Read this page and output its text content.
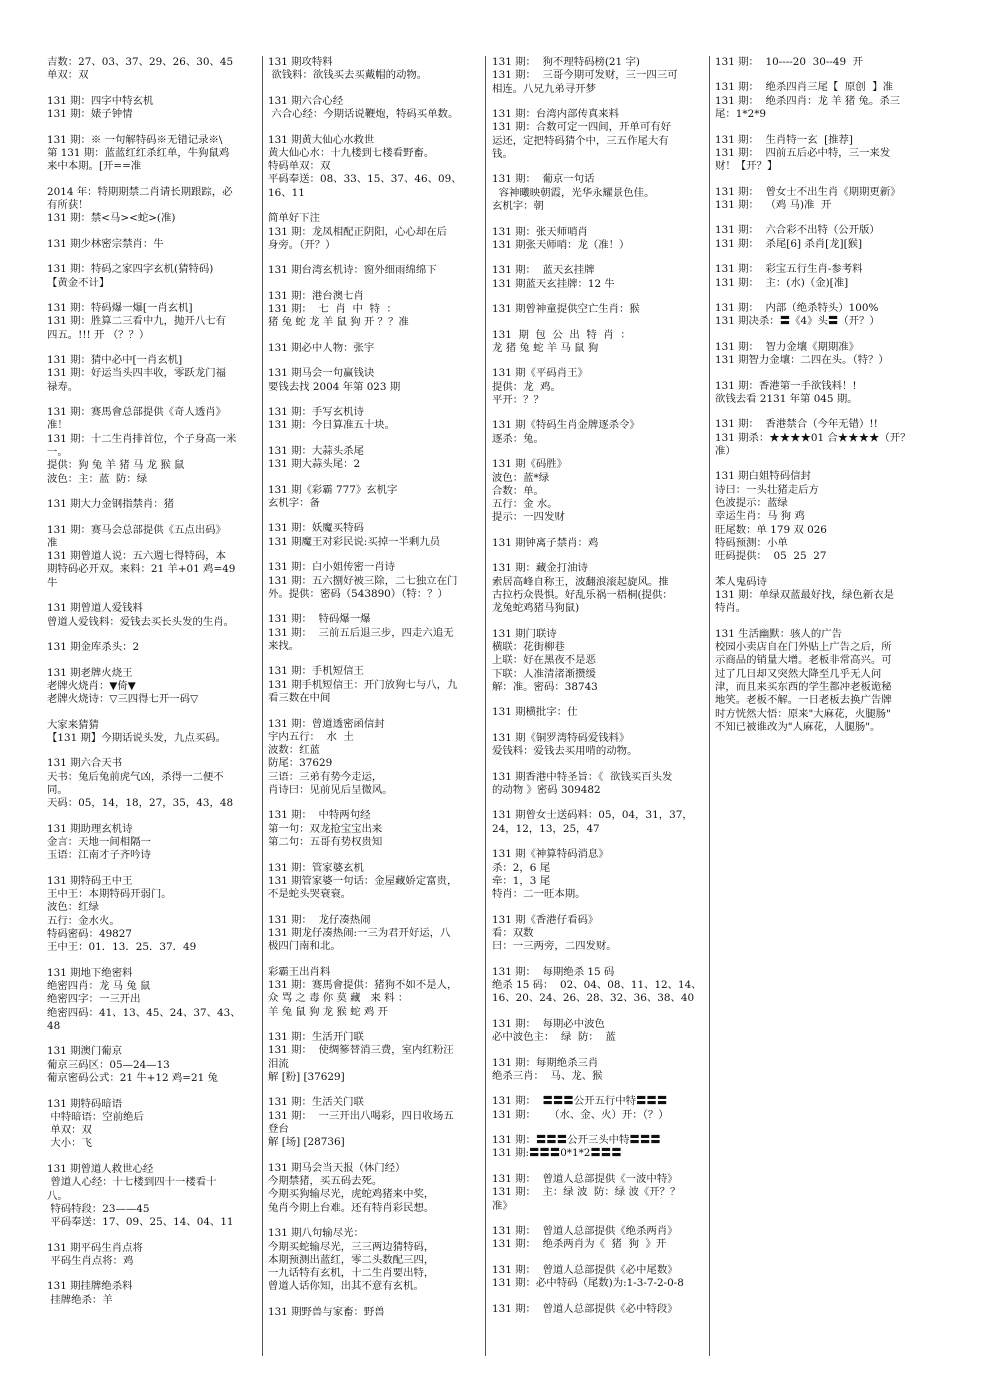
吉数：27、03、37、29、26、30、45
单双：双
131 期：四字中特玄机
131 期：婊子钟情
131 期：※ 一句解特码※无错记录※\
第 131 期：蓝蓝红红杀红单，牛狗鼠鸡
来中本期。[开==准
2014 年：特期期禁二肖请长期跟踪，必
有所获！
131 期：禁<马><蛇>(准)
131 期少林密宗禁肖：牛
131 期：特码之家四字玄机(猜特码)
【黄金不计】
131 期：特码爆一爆[一肖玄机]
131 期：胜算二三看中九，抛开八七有
四五。!!! 开 （？？）
131 期：猜中必中[一肖玄机]
131 期：好运当头四丰收，零跃龙门福
禄寿。
131 期：赛馬會总部提供《奇人透肖》
准！
131 期：十二生肖排首位，个子身高一米
一。
提供：狗 兔 羊 猪 马 龙 猴 鼠
波色：主：蓝  防：绿
131 期大力金钢指禁肖：猪
131 期：赛马会总部提供《五点出码》
准
131 期曾道人说：五六週七得特码，本
期特码必开双。来料：21 羊+01 鸡=49
牛
131 期曾道人爱钱料
曾道人爱钱料：爱钱去买长头发的生肖。
131 期金库杀头：2
131 期老牌火烧王
老牌火烧肖：▼倚▼
老牌火烧诗：▽三四得七开一码▽
大家来猜猜
【131 期】今期话说头发，九点买码。
131 期六合天书
天书：兔后兔前虎气凶，杀得一二便不
同。
天码：05，14，18，27，35，43，48
131 期助理玄机诗
金言：天地一间相隔一
玉语：江南才子齐吟诗
131 期特码王中王
王中王：本期特码开弱门。
波色：红绿
五行：金水火。
特码密码：49827
王中王：01．13．25．37．49
131 期地下绝密料
绝密四肖：龙 马 兔 鼠
绝密四字：一三开出
绝密四码：41、13、45、24、37、43、
48
131 期澳门葡京
葡京三码区：05—24—13
葡京密码公式：21 牛+12 鸡=21 兔
131 期特码暗语
中特暗语：空前绝后
单双：双
大小：飞
131 期曾道人救世心经
曾道人心经：十七楼到四十一楼看十
八。
特码特段：23——45
平码奉送：17、09、25、14、04、11
131 期平码生肖点将
平码生肖点将：鸡
131 期挂牌绝杀料
挂牌绝杀：羊
131 期攻特料
欲钱料：欲钱买去买戴帽的动物。
131 期六合心经
六合心经：今期话说鞭炮，特码买单数。
131 期黄大仙心水救世
黄大仙心水：十九楼到七楼看野畜。
特码单双：双
平码奉送：08、33、15、37、46、09、
16、11
简单好下注
131 期：龙凤相配正阴阳，心心却在后
身旁。（开？）
131 期台湾玄机诗：窗外细雨绵绵下
131 期：港台澳七肖
131 期：  七  肖  中  特  ：
猪 兔 蛇 龙 羊 鼠 狗 开 ？？准
131 期必中人物：张宇
131 期马会一句赢钱诀
要钱去找 2004 年第 023 期
131 期：手写玄机诗
131 期：今日算准五十块。
131 期：大蒜头杀尾
131 期大蒜头尾：2
131 期《彩霸 777》玄机字
玄机字：备
131 期：妖魔买特码
131 期魔王对彩民说:买掉一半剩九员
131 期：白小姐传密一肖诗
131 期：五六捌好被三除，二七独立在门
外。提供：密码（543890）（特：？）
131 期：  特码爆一爆
131 期：  三前五后退三步，四走六追无
来找。
131 期：手机短信王
131 期手机短信王：开门放狗七与八，九
看三数在中间
131 期：曾道透密函信封
宇内五行：  水  土
波数：红蓝
防尾：37629
三语：三弟有势今走运，
肖诗曰：见前见后呈微风。
131 期：  中特两句经
第一句：双龙抢宝宝出来
第二句：五哥有势权贵知
131 期：管家婆玄机
131 期管家婆一句话：金屋藏娇定富贵，
不是蛇头哭衰衰。
131 期：  龙仔凑热闹
131 期龙仔凑热闹:一三为君开好运，八
极四门南和北。
彩霸王出肖料
131 期：赛馬會提供：猪狗不如不是人，
众 骂 之 毒 你 莫 藏   来 料 ：
羊 兔 鼠 狗 龙 猴 蛇 鸡 开
131 期：生活开门联
131 期：  使绸篸替消三费，室内红粉汪
泪流
解 [粉] [37629]
131 期：生活关门联
131 期：  一三开出八喝彩，四日收场五
登台
解 [场] [28736]
131 期马会当天报（休门经）
今期禁猪，买五码去死。
今期买狗输尽光，虎蛇鸡猪来中奖，
兔肖今期上台难。还有特肖彩民想。
131 期八句输尽光：
今期买蛇输尽光，三三两边猜特码，
本期预测出蓝红，零二头数配三四，
一九话特有玄机，十二生肖要出特，
曾道人话你知，出其不意有玄机。
131 期野兽与家畜：野兽
131 期：  狗不理特码榜(21 字)
131 期：  三哥今期可发财，三一四三可
相连。八兄九弟寻开梦
131 期：台湾内部传真来料
131 期：合数可定一四间，开单可有好
运还，定把特码猜个中，三五作尾大有
钱。
131 期：  葡京一句话
容神曦映朝霞，光华永耀景色佳。
玄机字：朝
131 期：张天师哨肖
131 期张天师哨：龙（准！）
131 期：  蓝天玄挂牌
131 期蓝天玄挂牌：12 牛
131 期曾神童提供空亡生肖：猴
131  期  包  公  出  特  肖  ：
龙 猪 兔 蛇 羊 马 鼠 狗
131 期《平码肖王》
提供：龙  鸡。
平开：？？
131 期《特码生肖金牌逐杀令》
逐杀：兔。
131 期《码胜》
波色：蓝*绿
合数：单。
五行：金 水。
提示：一四发财
131 期钟离子禁肖：鸡
131 期：藏金打油诗
索居高峰自称王，波翻浪滚起旋风。推
古拉朽众畏惧。好乱乐祸一梧桐(提供：
龙兔蛇鸡猪马狗鼠)
131 期门联诗
横联：花街柳巷
上联：好在黑夜不是恶
下联：人准清渚渐攒缓
解：准。密码：38743
131 期横批字：仕
131 期《铜罗湾特码爱钱料》
爱钱料：爱钱去买用啃的动物。
131 期香港中特圣旨：《  欲钱买百头发
的动物 》密码 309482
131 期曾女士送码料：05，04，31，37，
24，12，13，25，47
131 期《神算特码消息》
杀：2，6 尾
牵：1，3 尾
特肖：二一旺本期。
131 期《香港仔看码》
看：双数
曰：一三两旁，二四发财。
131 期：  每期绝杀 15 码
绝杀 15 码：  02、04、08、11、12、14、
16、20、24、26、28、32、36、38、40
131 期：  每期必中波色
必中波色主：  绿  防：  蓝
131 期：每期绝杀三肖
绝杀三肖：  马、龙、猴
131 期：  〓〓〓公开五行中特〓〓〓
131 期：    （水、金、火）开：（？）
131 期：〓〓〓公开三头中特〓〓〓
131 期:〓〓〓0*1*2〓〓〓
131 期：  曾道人总部提供《一波中特》
131 期：  主：绿 波  防：绿 波《开？？
准》
131 期：  曾道人总部提供《绝杀两肖》
131 期：  绝杀两肖为《  猪  狗  》开
131 期：  曾道人总部提供《必中尾数》
131 期：必中特码（尾数)为:1-3-7-2-0-8
131 期：  曾道人总部提供《必中特段》
131 期：  10----20  30--49  开
131 期：  绝杀四肖三尾【  原创  】准
131 期：  绝杀四肖：龙 羊 猪 兔。杀三
尾：1*2*9
131 期：  生肖特一玄  [推荐]
131 期：  四前五后必中特，三一来发
财！【开？】
131 期：  曾女士不出生肖《期期更新》
131 期：  （鸡 马)准  开
131 期：  六合彩不出特（公开版）
131 期：  杀尾[6] 杀肖[龙][猴]
131 期：  彩宝五行生肖-参考料
131 期：  主：(水)（金)[准]
131 期：  内部（绝杀特头）100%
131 期决杀：〓《4》头〓（开？）
131 期：  智力金壤《期期准》
131 期智力金壤：二四在头。（特？）
131 期：香港第一手欲钱料！!
欲钱去看 2131 年第 045 期。
131 期：  香港禁合（今年无错）!!
131 期杀：★★★★01 合★★★★（开？
准）
131 期白姐特码信封
诗曰：一头壮猪走后方
色波提示：蓝绿
幸运生肖：马 狗 鸡
旺尾数：单 179 双 026
特码预测：小单
旺码提供：  05  25  27
苯人鬼码诗
131 期：单绿双蓝最好找，绿色新衣是
特肖。
131 生活幽默：骇人的广告
校园小卖店自在门外贴上广告之后，所
示商品的销量大增。老板非常高兴。可
过了几日却又突然大降至几乎无人问
津，而且来买东西的学生都冲老板诡秘
地笑。老板不解。一日老板去换广告牌
时方恍然大悟：原来"大麻花，火腿肠"
不知已被谁改为"人麻花，人腿肠"。
